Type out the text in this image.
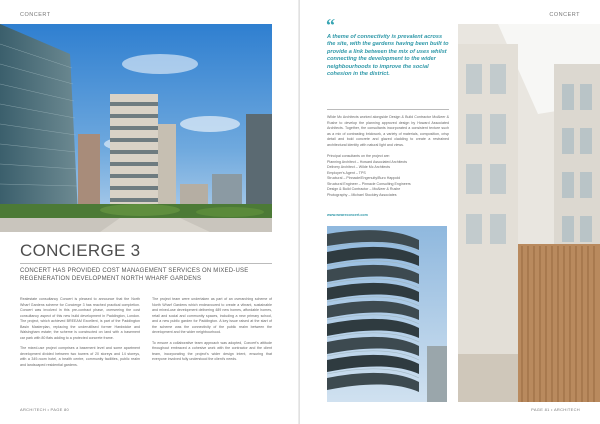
CONCERT
CONCIERGE 3
CONCERT HAS PROVIDED COST MANAGEMENT SERVICES ON MIXED-USE REGENERATION DEVELOPMENT NORTH WHARF GARDENS

Realestate consultancy Concert is pleased to announce that the North Wharf Gardens scheme for Concierge 3 has reached practical completion. Concert was involved in this pre-contract phase, overseeing the cost consultancy aspect of this new build development in Paddington, London. The project, which achieved BREEAM Excellent, is part of the Paddington Basin Masterplan, replacing the underutilised former Hardwicke and Walsingham estate; the scheme is constructed on land with a basement car park with 80 flats adding to a protected concrete frame.

The mixed-use project comprises a basement level and some apartment development divided between two towers of 20 storeys and 14 storeys, with a 349-room hotel, a health centre, community facilities, public realm and landscaped residential gardens.

The project team were undertaken as part of an overarching scheme of North Wharf Gardens which endeavoured to create a vibrant, sustainable and mixed-use development delivering 489 new homes, affordable homes, retail and social and community spaces, including a new primary school, and a new public garden for Paddington. A key issue raised at the start of the scheme was the connectivity of the public realm between the development and the wider neighbourhood.

To ensure a collaborative team approach was adopted, Concert's attitude throughout embraced a cohesive work with the contractor and the client team, incorporating the project's wider design intent, ensuring that everyone involved fully understood the client's needs.

ARCHITECH • PAGE 80
CONCERT
“
A theme of connectivity is prevalent across the site, with the gardens having been built to provide a link between the mix of uses whilst connecting the development to the wider neighbourhoods to improve the social cohesion in the district.
Wilde Mc Architects worked alongside Design & Build Contractor McAleer & Rushe to develop the planning approved design by Howard Associated Architects. Together, the consultants incorporated a consistent texture such as a mix of contrasting brickwork, a variety of materials, composition, crisp detail and bold concrete and glazed cladding to create a restrained architectural identity with natural light and views.
Principal consultants on the project are:
Planning Architect – Howard Associated Architects
Delivery Architect – Wilde Mc Architects
Employer's Agent – TPS
Structural – Pinnacle/Engenuity/Buro Happold
Structural Engineer – Pinnacle Consulting Engineers
Design & Build Contractor – McAleer & Rushe
Photography – Michael Stockley Associates
www.weareconcert.com
PAGE 81 • ARCHITECH
